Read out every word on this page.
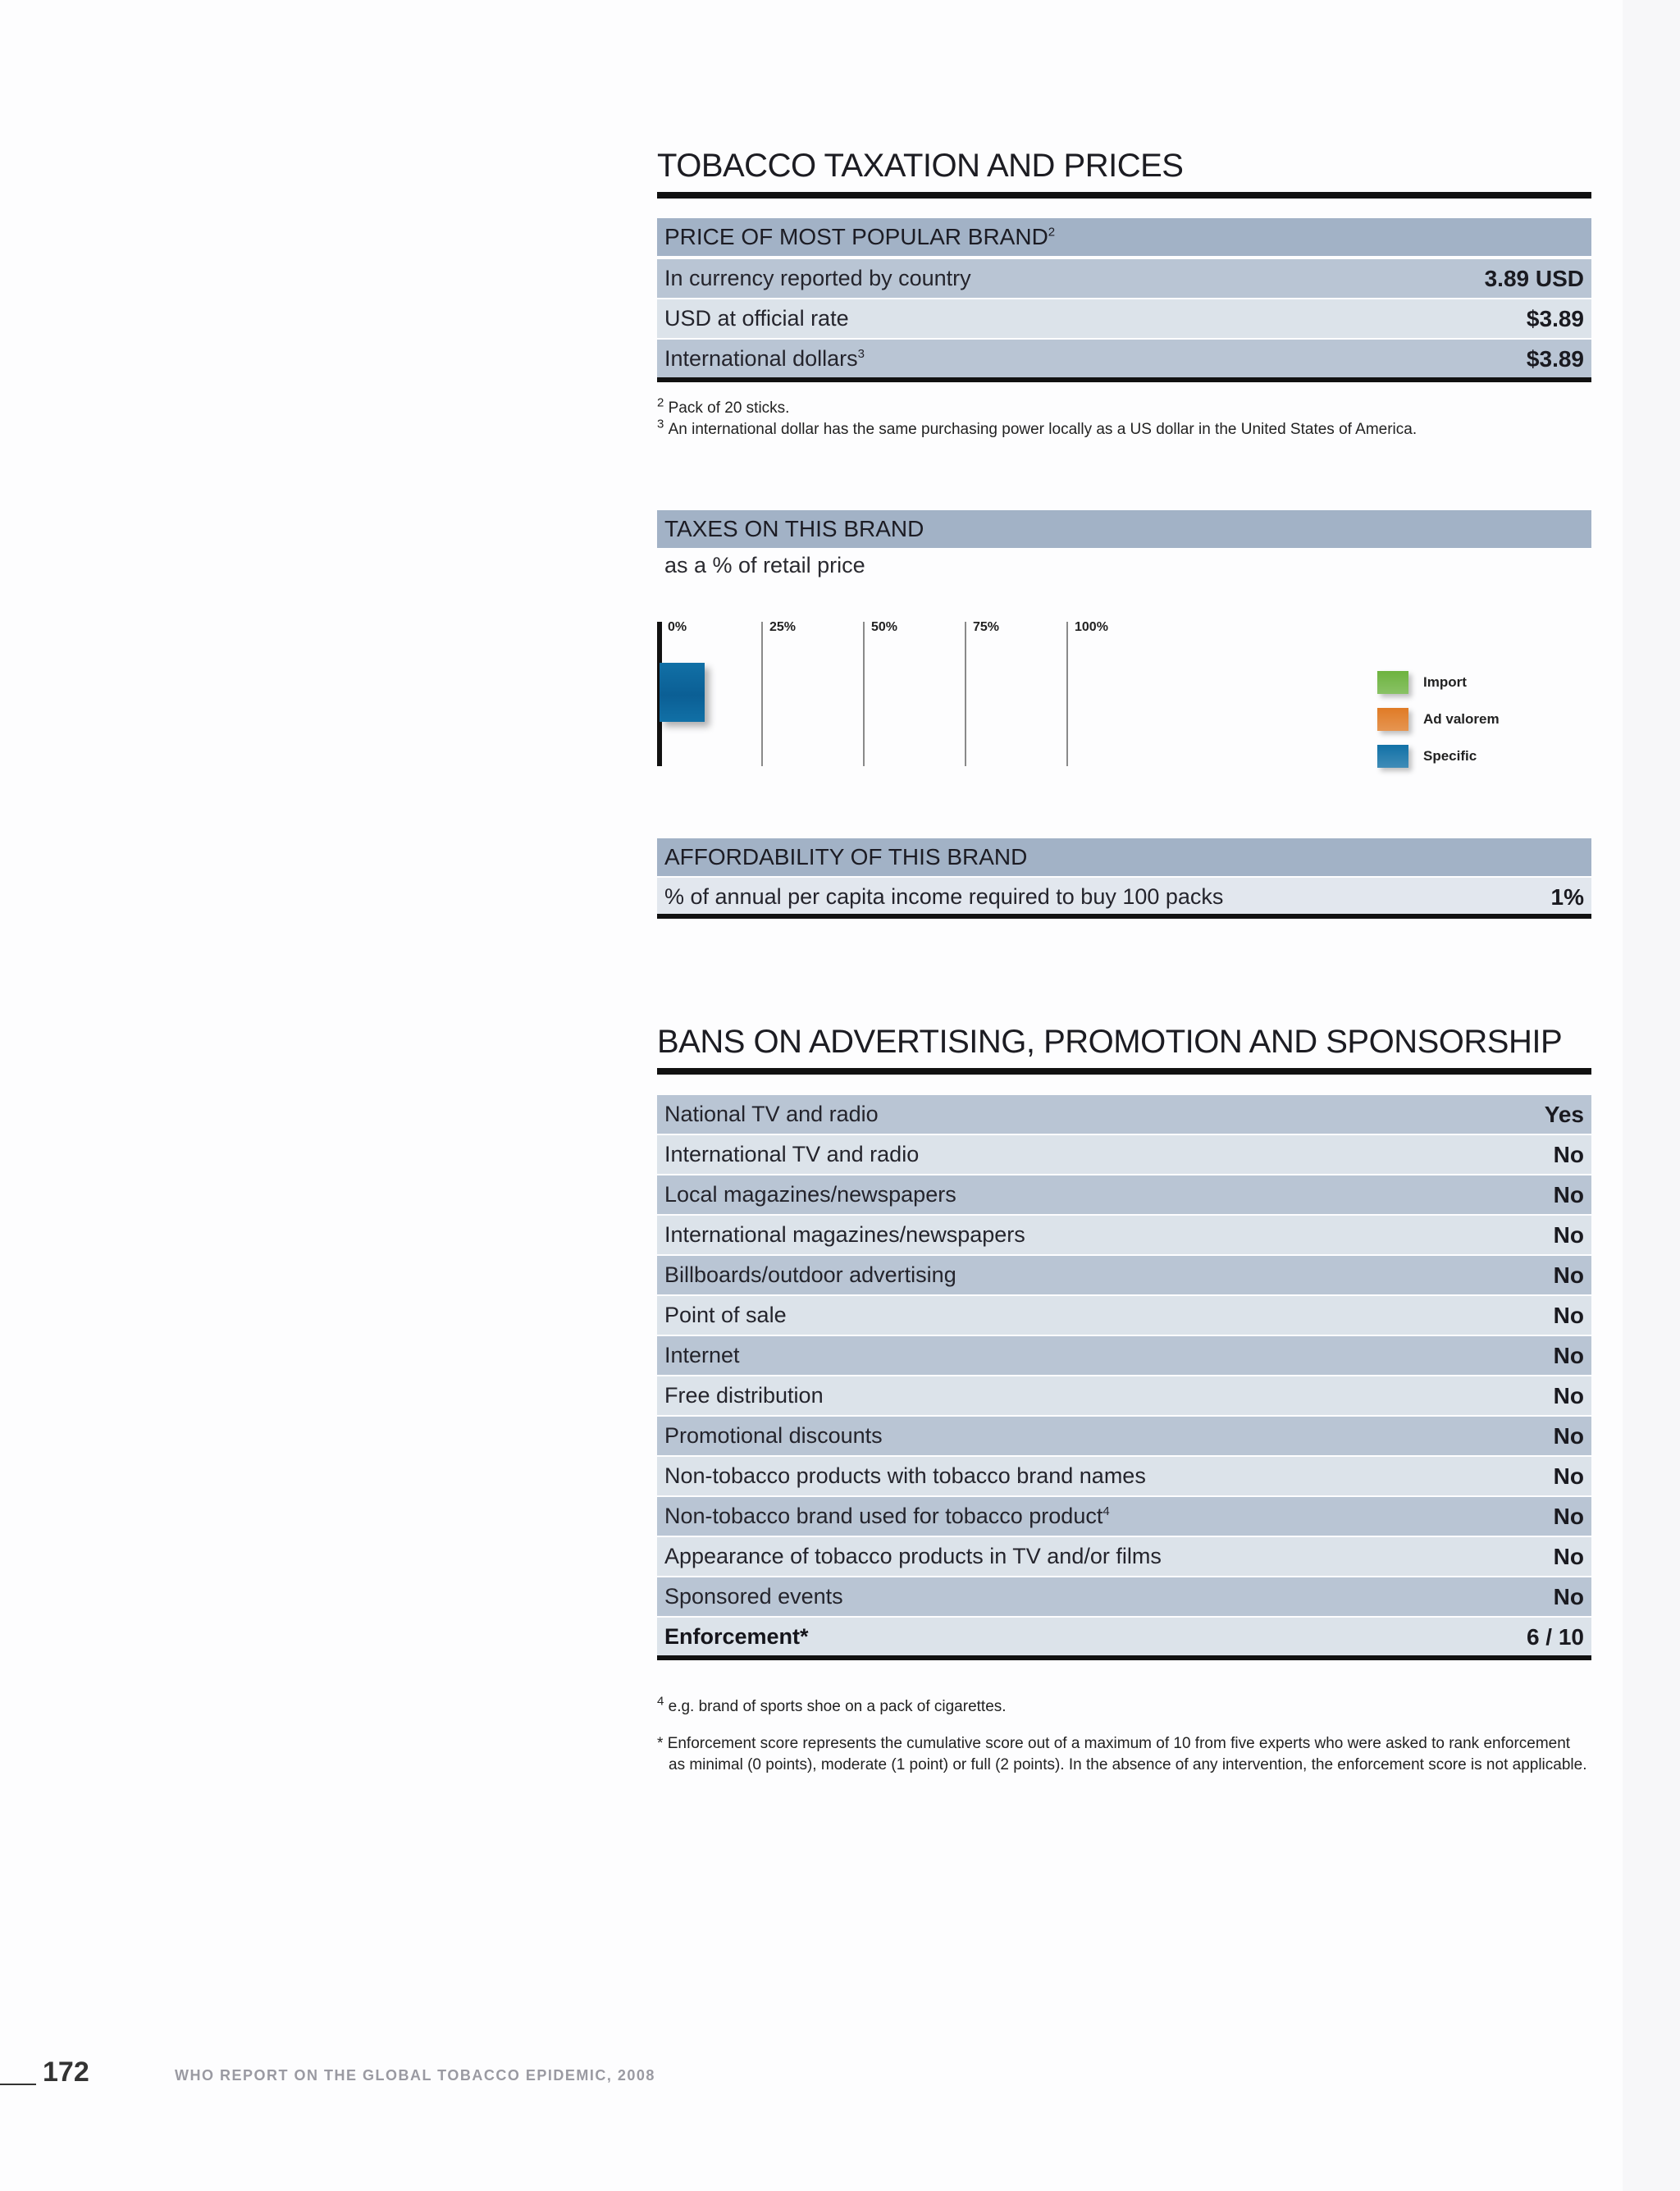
TOBACCO TAXATION AND PRICES
PRICE OF MOST POPULAR BRAND$^2$
In currency reported by country	3.89 USD
USD at official rate	$3.89
International dollars$^3$	$3.89
$^2$ Pack of 20 sticks.
$^3$ An international dollar has the same purchasing power locally as a US dollar in the United States of America.
TAXES ON THIS BRAND
as a % of retail price
0%	25%	50%	75%	100%
Import
Ad valorem
Specific
AFFORDABILITY OF THIS BRAND
% of annual per capita income required to buy 100 packs	1%
BANS ON ADVERTISING, PROMOTION AND SPONSORSHIP
National TV and radio	Yes
International TV and radio	No
Local magazines/newspapers	No
International magazines/newspapers	No
Billboards/outdoor advertising	No
Point of sale	No
Internet	No
Free distribution	No
Promotional discounts	No
Non-tobacco products with tobacco brand names	No
Non-tobacco brand used for tobacco product$^4$	No
Appearance of tobacco products in TV and/or films	No
Sponsored events	No
Enforcement*	6 / 10
$^4$ e.g. brand of sports shoe on a pack of cigarettes.
* Enforcement score represents the cumulative score out of a maximum of 10 from five experts who were asked to rank enforcement
as minimal (0 points), moderate (1 point) or full (2 points). In the absence of any intervention, the enforcement score is not applicable.
172	WHO REPORT ON THE GLOBAL TOBACCO EPIDEMIC, 2008
